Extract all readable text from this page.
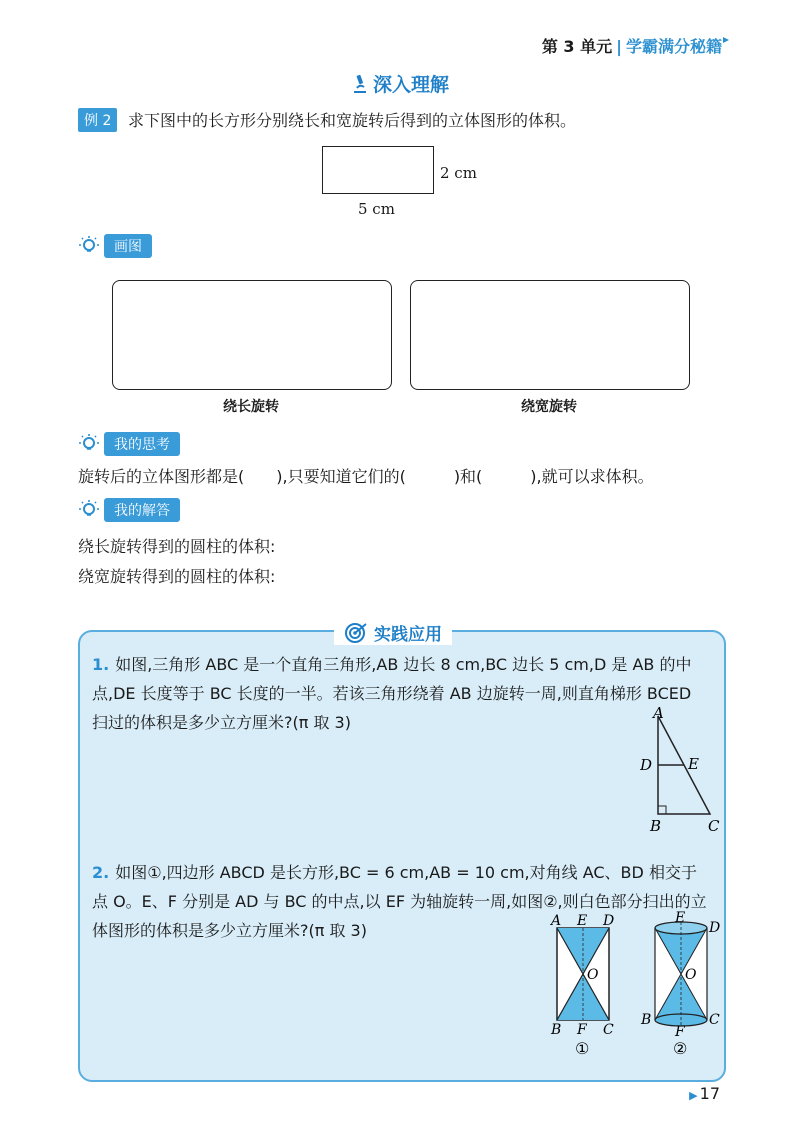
第 3 单元 | 学霸满分秘籍
深入理解
例 2	求下图中的长方形分别绕长和宽旋转后得到的立体图形的体积。
2 cm
5 cm
画图
绕长旋转	绕宽旋转
我的思考
旋转后的立体图形都是(　　),只要知道它们的(　　　)和(　　　),就可以求体积。
我的解答
绕长旋转得到的圆柱的体积:
绕宽旋转得到的圆柱的体积:
实践应用
1. 如图,三角形 ABC 是一个直角三角形,AB 边长 8 cm,BC 边长 5 cm,D 是 AB 的中点,DE 长度等于 BC 长度的一半。若该三角形绕着 AB 边旋转一周,则直角梯形 BCED 扫过的体积是多少立方厘米?(π 取 3)	A
D E
B	C
2. 如图①,四边形 ABCD 是长方形,BC = 6 cm,AB = 10 cm,对角线 AC、BD 相交于点 O。E、F 分别是 AD 与 BC 的中点,以 EF 为轴旋转一周,如图②,则白色部分扫出的立体图形的体积是多少立方厘米?(π 取 3)	A E D
O
B F C
①
E
D
O
B
F
C
②
▶ 17
